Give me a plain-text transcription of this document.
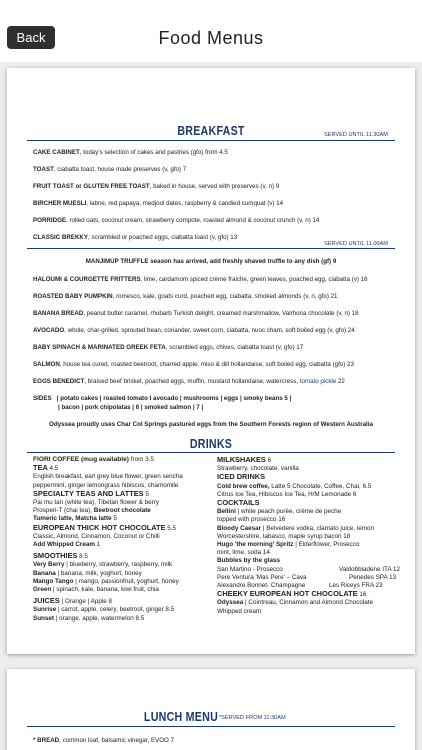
Back	Food Menus
BREAKFAST	SERVED UNTIL 11.30AM
CAKE CABINET, today's selection of cakes and pastries (gfo) from 4.5
TOAST, ciabatta toast, house made preserves (v, gfo) 7
FRUIT TOAST or GLUTEN FREE TOAST, baked in house, served with preserves (v, n) 9
BIRCHER MUESLI, labne, red papaya, medjool dates, raspberry & candied cumquat (v) 14
PORRIDGE, rolled oats, coconut cream, strawberry compote, roasted almond & coconut crunch (v, n) 14
CLASSIC BREKKY, scrambled or poached eggs, ciabatta toast (v, gfo) 13
SERVED UNTIL 11.00AM
MANJIMUP TRUFFLE season has arrived, add freshly shaved truffle to any dish (gf) 9
HALOUMI & COURGETTE FRITTERS, lime, cardamom spiced crème fraiche, green leaves, poached egg, ciabatta (v) 16
ROASTED BABY PUMPKIN, romesco, kale, goats curd, poached egg, ciabatta, smoked almonds (v, n, gfo) 21
BANANA BREAD, peanut butter caramel, rhubarb Turkish delight, creamed marshmallow, Valrhona chocolate (v, n) 18
AVOCADO, whole, char-grilled, sprouted bean, coriander, sweet corn, ciabatta, nuoc cham, soft boiled egg (v, gfo) 24
BABY SPINACH & MARINATED GREEK FETA, scrambled eggs, chives, ciabatta toast (v, gfo) 17
SALMON, house tea cured, roasted beetroot, charred apple, miso & dill hollandaise, soft boiled egg, ciabatta (gfo) 23
EGGS BENEDICT, braised beef brisket, poached eggs, muffin, mustard hollandaise, watercress, tomato pickle 22
SIDES | potato cakes | roasted tomato I avocado | mushrooms | eggs | smoky beans 5 |
| bacon | pork chipolatas | 6 | smoked salmon | 7 |
Odyssea proudly uses Char Col Springs pastured eggs from the Southern Forests region of Western Australia
DRINKS
FIORI COFFEE (mug available) from 3.5
TEA 4.5
English breakfast, earl grey blue flower, green sencha
peppermint, ginger lemongrass hibiscus, chamomile
SPECIALTY TEAS AND LATTES 5
Pai mu tan (white tea), Tibetan flower & berry
Prosperi-T (chai tea), Beetroot chocolate
Tumeric latte, Matcha latte 5
EUROPEAN THICK HOT CHOCOLATE 5.5
Classic, Almond, Cinnamon, Coconut or Chilli
Add Whipped Cream 1
SMOOTHIES 8.5
Very Berry | blueberry, strawberry, raspberry, milk
Banana | banana, milk, yoghurt, honey
Mango Tango | mango, passionfruit, yoghurt, honey
Green | spinach, kale, banana, kiwi fruit, chia
JUICES | Orange | Apple 8
Sunrise | carrot, apple, celery, beetroot, ginger 8.5
Sunset | orange, apple, watermelon 8.5
MILKSHAKES 6
Strawberry, chocolate, vanilla
ICED DRINKS
Cold brew coffee, Latte 5 Chocolate, Coffee, Chai, 6.5
Citrus Ice Tea, Hibiscus Ice Tea, H/M Lemonade 6
COCKTAILS
Bellini | white peach purée, crème de peche
topped with prosecco 16
Bloody Caesar | Belvedere vodka, clamato juice, lemon
Worcestershire, tabasco, maple syrup bacon 18
Hugo 'the morning' Spritz | Elderflower, Prosecco
mint, lime, soda 14
Bubbles by the glass
San Martino - Prosecco	Valdobbiadene ITA 12
Pere Ventura 'Mas Pere' – Cava	Penedes SPA 13
Alexandre Bonnet- Champagne	Les Riceys FRA 23
CHEEKY EUROPEAN HOT CHOCOLATE 16
Odyssea | Cointreau, Cinnamon and Almond Chocolate
Whipped cream
LUNCH MENU *SERVED FROM 11:30AM
* BREAD, common loaf, balsamic vinegar, EVOO 7
